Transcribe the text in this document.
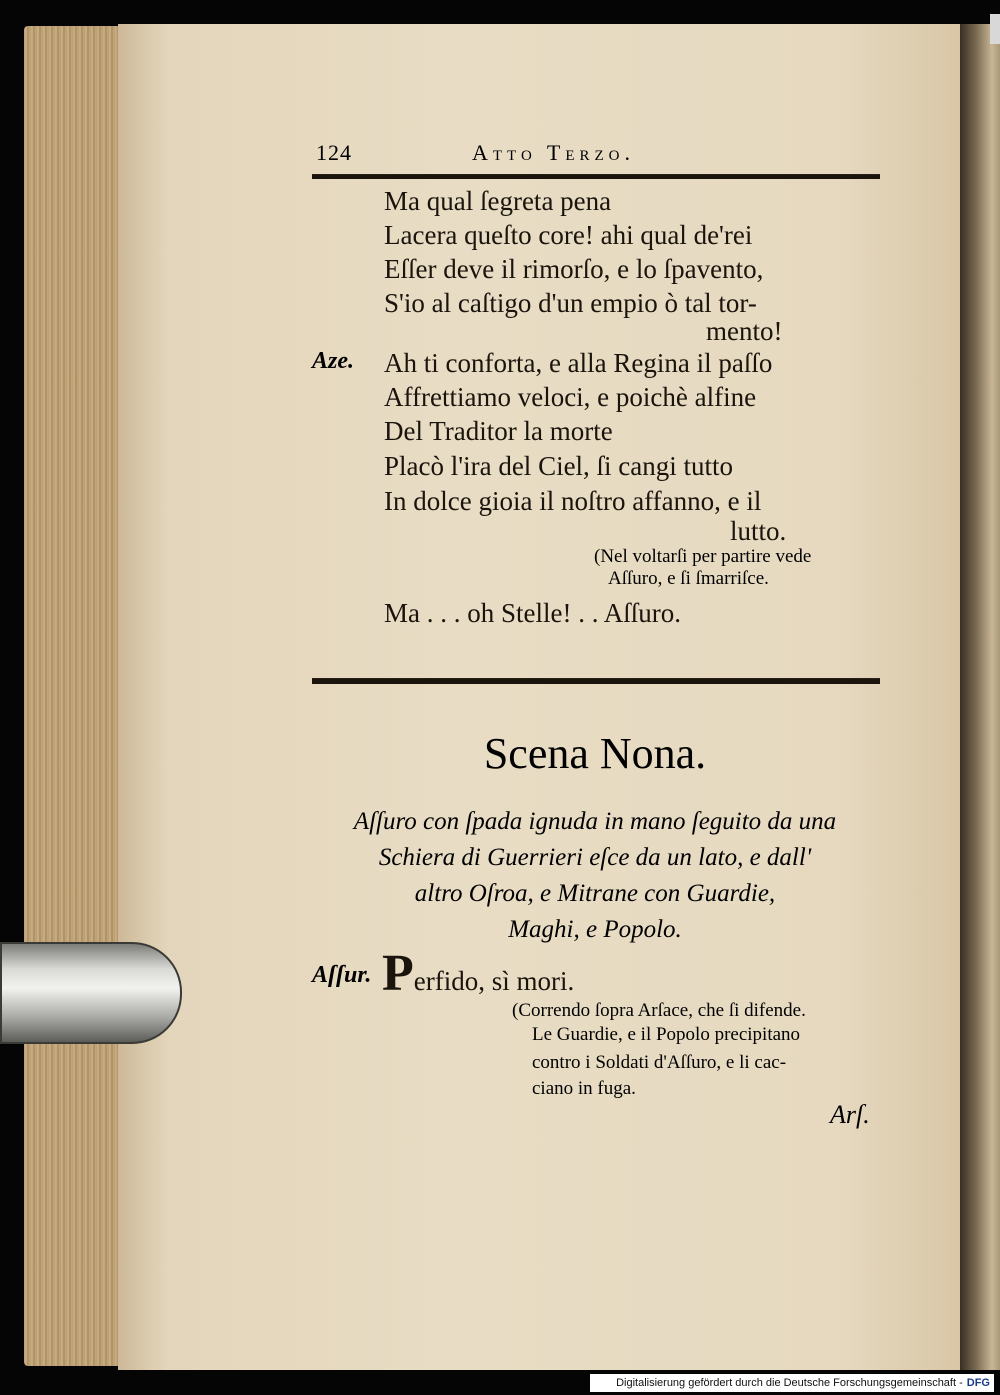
124	Atto Terzo.
Ma qual ſegreta pena
Lacera queſto core! ahi qual de'rei
Eſſer deve il rimorſo, e lo ſpavento,
S'io al caſtigo d'un empio ò tal tor-
mento!
Aze. Ah ti conforta, e alla Regina il paſſo
Affrettiamo veloci, e poichè alfine
Del Traditor la morte
Placò l'ira del Ciel, ſi cangi tutto
In dolce gioia il noſtro affanno, e il
lutto.
(Nel voltarſi per partire vede
Aſſuro, e ſi ſmarriſce.
Ma . . . oh Stelle! . . Aſſuro.
Scena Nona.
Aſſuro con ſpada ignuda in mano ſeguito da una
Schiera di Guerrieri eſce da un lato, e dall'
altro Oſroa, e Mitrane con Guardie,
Maghi, e Popolo.
Aſſur. Perfido, sì mori.
(Correndo ſopra Arſace, che ſi difende.
Le Guardie, e il Popolo precipitano
contro i Soldati d'Aſſuro, e li cac-
ciano in fuga.
Arſ.
Digitalisierung gefördert durch die Deutsche Forschungsgemeinschaft - DFG
